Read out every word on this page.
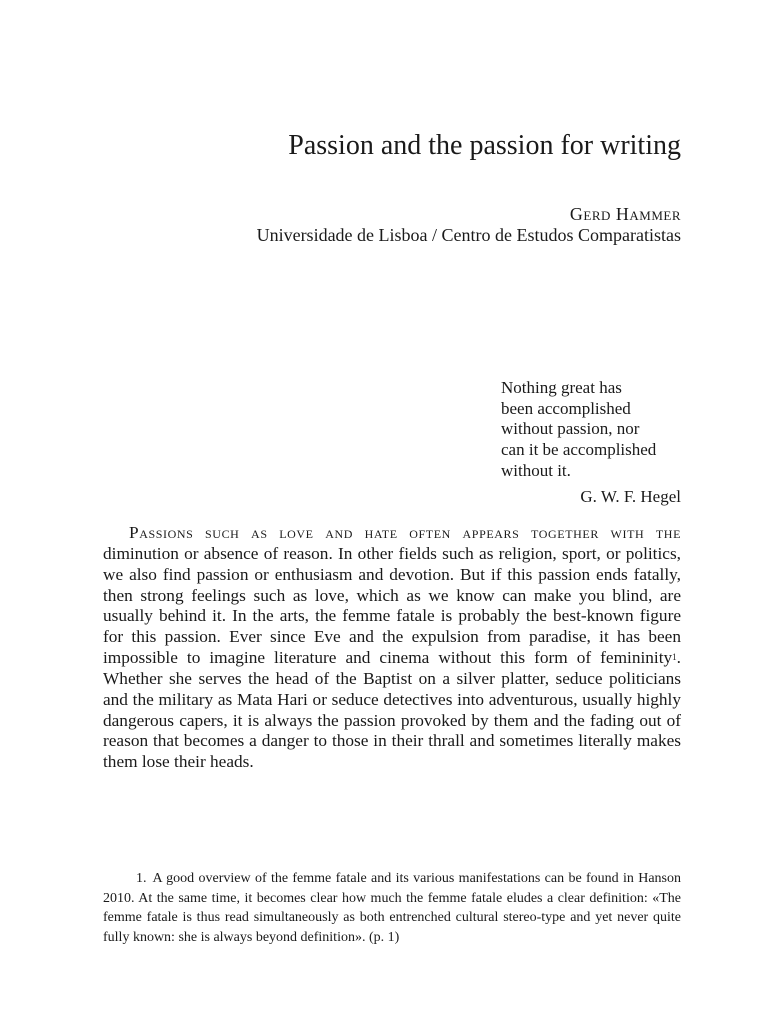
Passion and the passion for writing
Gerd Hammer
Universidade de Lisboa / Centro de Estudos Comparatistas
Nothing great has
been accomplished
without passion, nor
can it be accomplished
without it.
G. W. F. Hegel

Passions such as love and hate often appears together with the diminution or absence of reason. In other fields such as religion, sport, or politics, we also find passion or enthusiasm and devotion. But if this passion ends fatally, then strong feelings such as love, which as we know can make you blind, are usually behind it. In the arts, the femme fatale is probably the best-known figure for this passion. Ever since Eve and the expulsion from paradise, it has been impossible to imagine literature and cinema without this form of femininity$^1$. Whether she serves the head of the Baptist on a silver platter, seduce politicians and the military as Mata Hari or seduce detectives into adventurous, usually highly dangerous capers, it is always the passion provoked by them and the fading out of reason that becomes a danger to those in their thrall and sometimes literally makes them lose their heads.

1. A good overview of the femme fatale and its various manifestations can be found in Hanson 2010. At the same time, it becomes clear how much the femme fatale eludes a clear definition: «The femme fatale is thus read simultaneously as both entrenched cultural stereo-type and yet never quite fully known: she is always beyond definition». (p. 1)
